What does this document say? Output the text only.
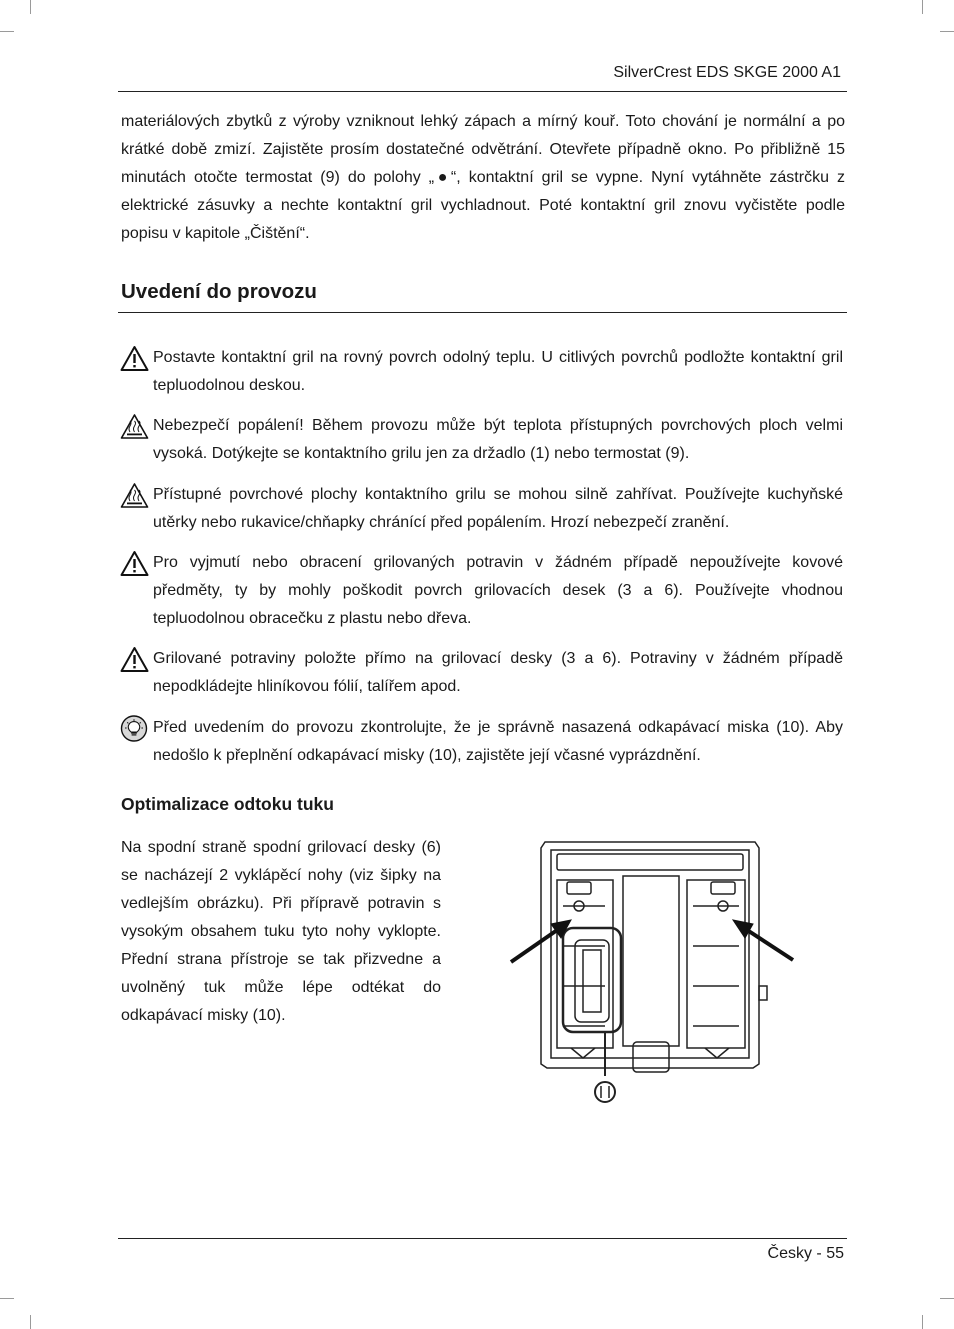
SilverCrest EDS SKGE 2000 A1

materiálových zbytků z výroby vzniknout lehký zápach a mírný kouř. Toto chování je normální a po krátké době zmizí. Zajistěte prosím dostatečné odvětrání. Otevřete případně okno. Po přibližně 15 minutách otočte termostat (9) do polohy „●“, kontaktní gril se vypne. Nyní vytáhněte zástrčku z elektrické zásuvky a nechte kontaktní gril vychladnout. Poté kontaktní gril znovu vyčistěte podle popisu v kapitole „Čištění“.

Uvedení do provozu

Postavte kontaktní gril na rovný povrch odolný teplu. U citlivých povrchů podložte kontaktní gril tepluodolnou deskou.

Nebezpečí popálení! Během provozu může být teplota přístupných povrchových ploch velmi vysoká. Dotýkejte se kontaktního grilu jen za držadlo (1) nebo termostat (9).

Přístupné povrchové plochy kontaktního grilu se mohou silně zahřívat. Používejte kuchyňské utěrky nebo rukavice/chňapky chránící před popálením. Hrozí nebezpečí zranění.

Pro vyjmutí nebo obracení grilovaných potravin v žádném případě nepoužívejte kovové předměty, ty by mohly poškodit povrch grilovacích desek (3 a 6). Používejte vhodnou tepluodolnou obracečku z plastu nebo dřeva.

Grilované potraviny položte přímo na grilovací desky (3 a 6). Potraviny v žádném případě nepodkládejte hliníkovou fólií, talířem apod.

Před uvedením do provozu zkontrolujte, že je správně nasazená odkapávací miska (10). Aby nedošlo k přeplnění odkapávací misky (10), zajistěte její včasné vyprázdnění.

Optimalizace odtoku tuku

Na spodní straně spodní grilovací desky (6) se nacházejí 2 vyklápěcí nohy (viz šipky na vedlejším obrázku). Při přípravě potravin s vysokým obsahem tuku tyto nohy vyklopte. Přední strana přístroje se tak přizvedne a uvolněný tuk může lépe odtékat do odkapávací misky (10).

Česky - 55
